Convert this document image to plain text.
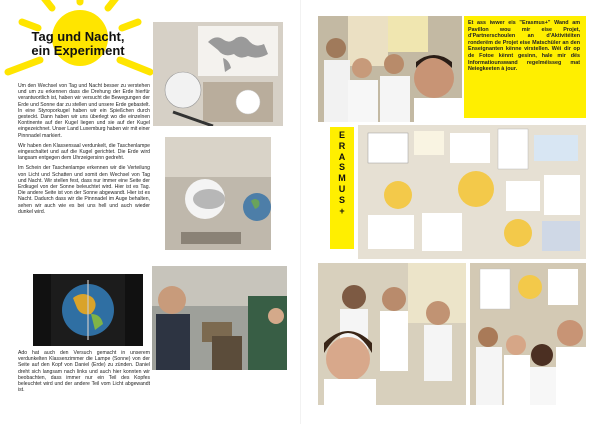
Tag und Nacht,
ein Experiment

Um den Wechsel von Tag und Nacht besser zu verstehen und um zu erkennen dass die Drehung der Erde hierfür verantwortlich ist, haben wir versucht die Bewegungen der Erde und Sonne dar zu stellen und unsere Erde gebastelt. In eine Styroporkugel haben wir ein Spießchen durch gesteckt. Dann haben wir uns überlegt wo die einzelnen Kontinente auf der Kugel liegen und sie auf der Kugel eingezeichnet. Unser Land Luxemburg haben wir mit einer Pinnnadel markiert.

Wir haben den Klassensaal verdunkelt, die Taschenlampe eingeschaltet und auf die Kugel gerichtet. Die Erde wird langsam entgegen dem Uhrzeigersinn gedreht.

Im Schein der Taschenlampe erkennen wir die Verteilung von Licht und Schatten und somit den Wechsel von Tag und Nacht. Wir stellen fest, dass nur immer eine Seite der Erdkugel von der Sonne beleuchtet wird. Hier ist es Tag. Die andere Seite ist von der Sonne abgewandt. Hier ist es Nacht. Dadurch dass wir die Pinnnadel im Auge behalten, sehen wir auch wie es bei uns hell und auch wieder dunkel wird.

Ado hat auch den Versuch gemacht in unserem verdunkelten Klassenzimmer die Lampe (Sonne) von der Seite auf den Kopf von Daniel (Erde) zu zünden. Daniel dreht sich langsam nach links und auch hier konnten wir beobachten, dass immer nur ein Teil des Kopfes beleuchtet wird und der andere Teil vom Licht abgewandt ist.

Et ass iwwer eis "Erasmus+" Wand am Pavillon wou mir eise Projet, d'Partnerschoulen an d'Aktivitéiten ronderëm de Projet eise Matschüler an den Enseignanten kënne virstellen. Wéi dir op de Fotoe kënnt gesinn, hale mir dës Informatiounswand regelméisseg mat Neiegkeeten à jour.
E
R
A
S
M
U
S
+
